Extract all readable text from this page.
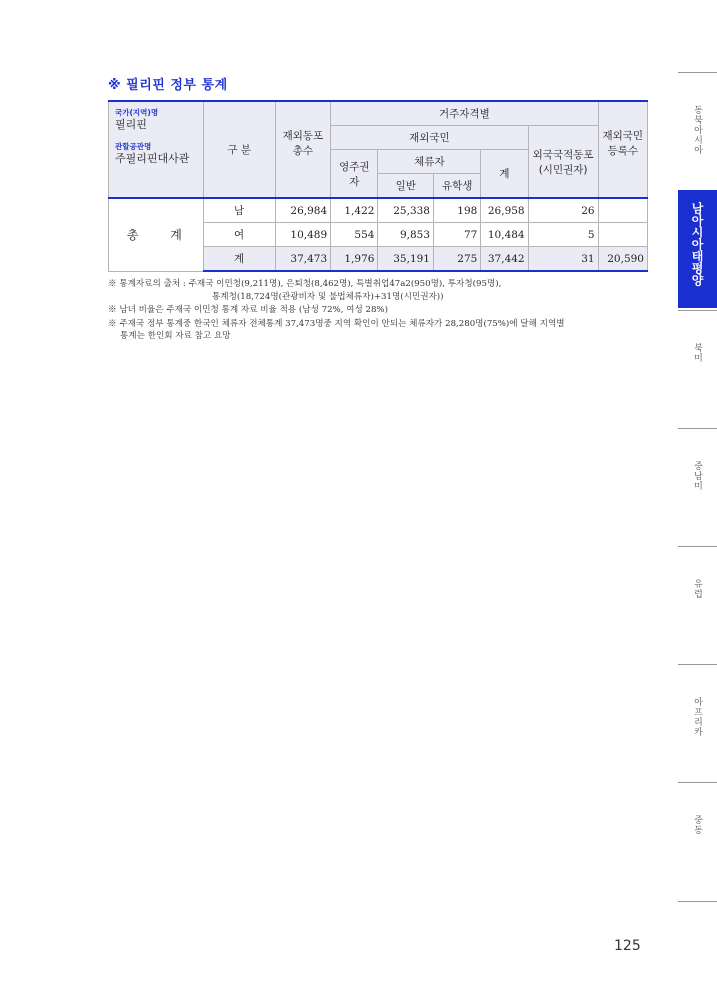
※ 필리핀 정부 통계
국가(지역)명
필리핀
관할공관명
주필리핀대사관	구 분	재외동포 총수	거주자격별					재외국민 등록수
			재외국민				외국국적동포 (시민권자)	
			영주권자	체류자		계		
				일반	유학생			
총 계	남	26,984	1,422	25,338	198	26,958	26	
	여	10,489	554	9,853	77	10,484	5	
	계	37,473	1,976	35,191	275	37,442	31	20,590

※ 통계자료의 출처 : 주재국 이민청(9,211명), 은퇴청(8,462명), 특별취업47a2(950명), 투자청(95명),
통계청(18,724명(관광비자 및 불법체류자)+31명(시민권자))

※ 남녀 비율은 주재국 이민청 통계 자료 비율 적용 (남성 72%, 여성 28%)

※ 주재국 정부 통계중 한국인 체류자 전체통계 37,473명중 지역 확인이 안되는 체류자가 28,280명(75%)에 달해 지역별
통계는 한인회 자료 참고 요망

동북아시아
남아시아태평양
북미
중남미
유럽
아프리카
중동
125
